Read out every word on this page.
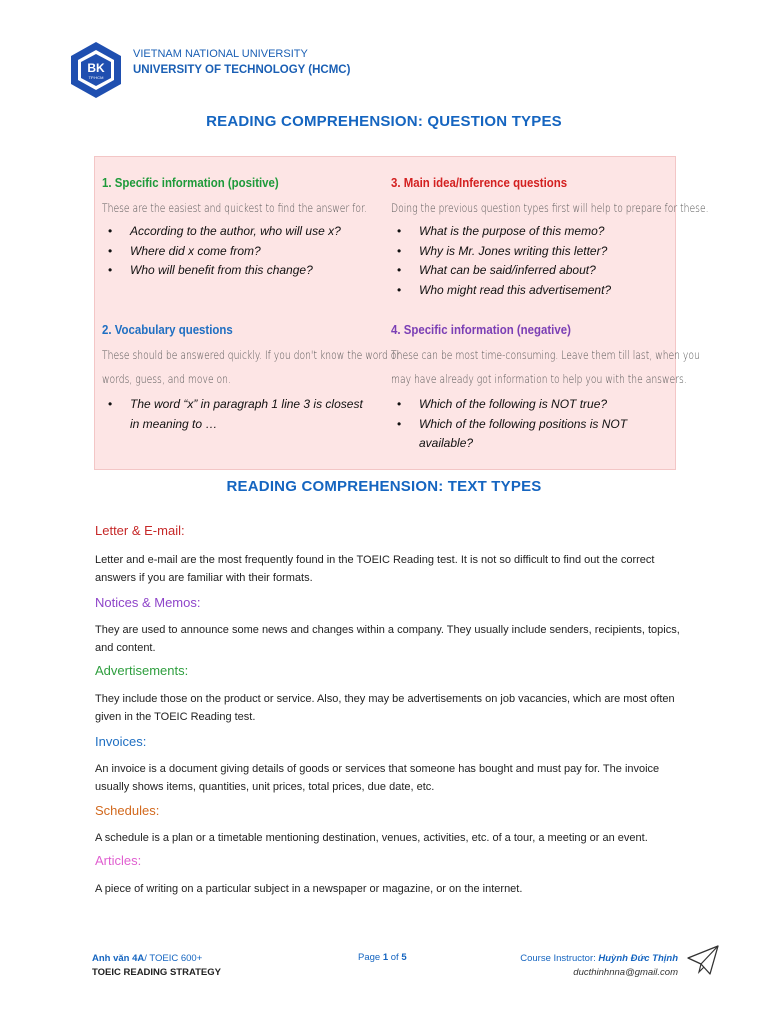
BK
TP.HCM
VIETNAM NATIONAL UNIVERSITY
UNIVERSITY OF TECHNOLOGY (HCMC)
READING COMPREHENSION: QUESTION TYPES
1. Specific information (positive)
These are the easiest and quickest to find the answer for.
• According to the author, who will use x?
• Where did x come from?
• Who will benefit from this change?
3. Main idea/Inference questions
Doing the previous question types first will help to prepare for these.
• What is the purpose of this memo?
• Why is Mr. Jones writing this letter?
• What can be said/inferred about?
• Who might read this advertisement?
2. Vocabulary questions
These should be answered quickly. If you don't know the word or
words, guess, and move on.
• The word “x” in paragraph 1 line 3 is closest in meaning to …
4. Specific information (negative)
These can be most time-consuming. Leave them till last, when you
may have already got information to help you with the answers.
• Which of the following is NOT true?
• Which of the following positions is NOT available?
READING COMPREHENSION: TEXT TYPES
Letter & E-mail:
Letter and e-mail are the most frequently found in the TOEIC Reading test. It is not so difficult to find out the correct answers if you are familiar with their formats.
Notices & Memos:
They are used to announce some news and changes within a company. They usually include senders, recipients, topics, and content.
Advertisements:
They include those on the product or service. Also, they may be advertisements on job vacancies, which are most often given in the TOEIC Reading test.
Invoices:
An invoice is a document giving details of goods or services that someone has bought and must pay for. The invoice usually shows items, quantities, unit prices, total prices, due date, etc.
Schedules:
A schedule is a plan or a timetable mentioning destination, venues, activities, etc. of a tour, a meeting or an event.
Articles:
A piece of writing on a particular subject in a newspaper or magazine, or on the internet.
Anh văn 4A/ TOEIC 600+
TOEIC READING STRATEGY
Page 1 of 5	Course Instructor: Huỳnh Đức Thịnh
ducthinhnna@gmail.com
